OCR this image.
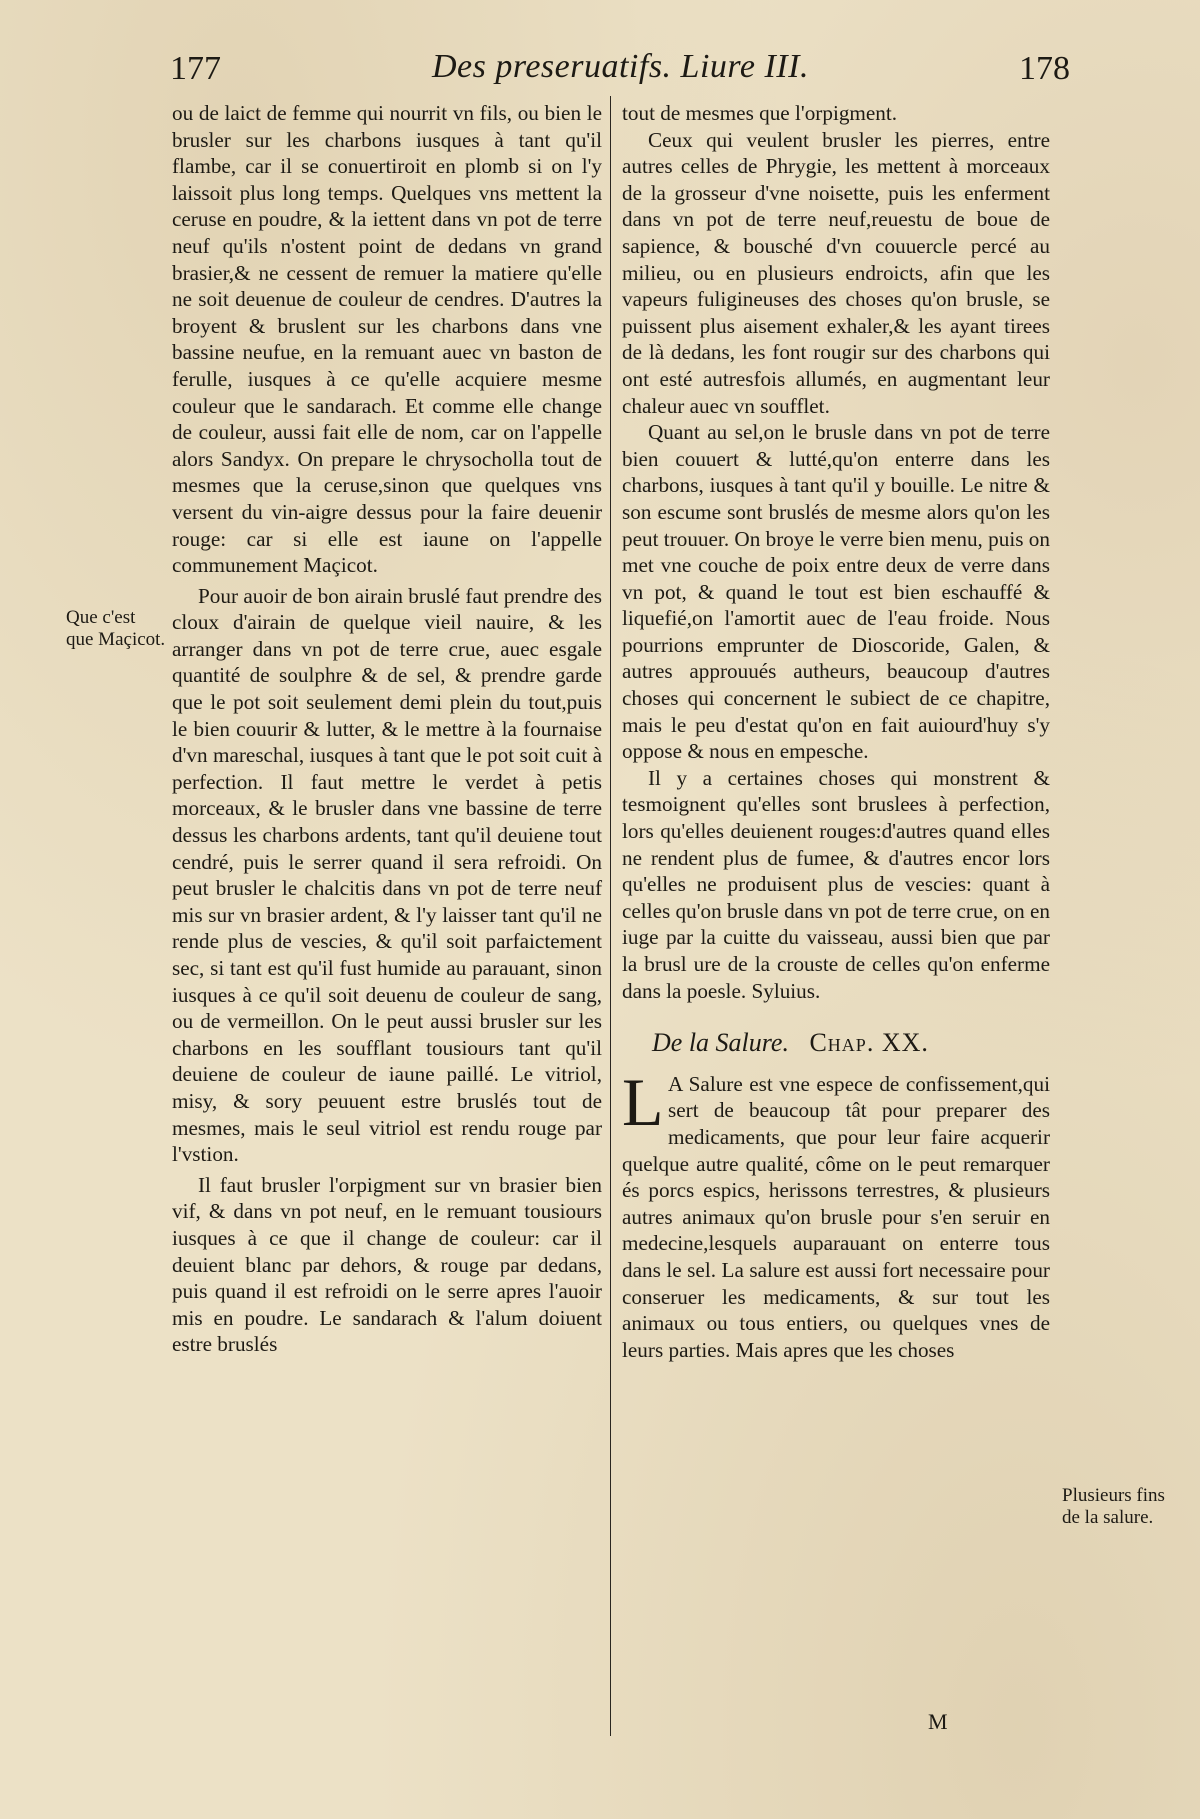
177	Des preseruatifs. Liure III.	178

ou de laict de femme qui nourrit vn fils, ou bien le brusler sur les charbons iusques à tant qu'il flambe, car il se conuertiroit en plomb si on l'y laissoit plus long temps. Quelques vns mettent la ceruse en poudre, & la iettent dans vn pot de terre neuf qu'ils n'ostent point de dedans vn grand brasier,& ne cessent de remuer la matiere qu'elle ne soit deuenue de couleur de cendres. D'autres la broyent & bruslent sur les charbons dans vne bassine neufue, en la remuant auec vn baston de ferulle, iusques à ce qu'elle acquiere mesme couleur que le sandarach. Et comme elle change de couleur, aussi fait elle de nom, car on l'appelle alors Sandyx. On prepare le chrysocholla tout de mesmes que la ceruse,sinon que quelques vns versent du vin-aigre dessus pour la faire deuenir rouge: car si elle est iaune on l'appelle communement Maçicot.

Pour auoir de bon airain bruslé faut prendre des cloux d'airain de quelque vieil nauire, & les arranger dans vn pot de terre crue, auec esgale quantité de soulphre & de sel, & prendre garde que le pot soit seulement demi plein du tout,puis le bien couurir & lutter, & le mettre à la fournaise d'vn mareschal, iusques à tant que le pot soit cuit à perfection. Il faut mettre le verdet à petis morceaux, & le brusler dans vne bassine de terre dessus les charbons ardents, tant qu'il deuiene tout cendré, puis le serrer quand il sera refroidi. On peut brusler le chalcitis dans vn pot de terre neuf mis sur vn brasier ardent, & l'y laisser tant qu'il ne rende plus de vescies, & qu'il soit parfaictement sec, si tant est qu'il fust humide au parauant, sinon iusques à ce qu'il soit deuenu de couleur de sang, ou de vermeillon. On le peut aussi brusler sur les charbons en les soufflant tousiours tant qu'il deuiene de couleur de iaune paillé. Le vitriol, misy, & sory peuuent estre bruslés tout de mesmes, mais le seul vitriol est rendu rouge par l'vstion.

Il faut brusler l'orpigment sur vn brasier bien vif, & dans vn pot neuf, en le remuant tousiours iusques à ce que il change de couleur: car il deuient blanc par dehors, & rouge par dedans, puis quand il est refroidi on le serre apres l'auoir mis en poudre. Le sandarach & l'alum doiuent estre bruslés

tout de mesmes que l'orpigment.

Ceux qui veulent brusler les pierres, entre autres celles de Phrygie, les mettent à morceaux de la grosseur d'vne noisette, puis les enferment dans vn pot de terre neuf,reuestu de boue de sapience, & bousché d'vn couuercle percé au milieu, ou en plusieurs endroicts, afin que les vapeurs fuligineuses des choses qu'on brusle, se puissent plus aisement exhaler,& les ayant tirees de là dedans, les font rougir sur des charbons qui ont esté autresfois allumés, en augmentant leur chaleur auec vn soufflet.

Quant au sel,on le brusle dans vn pot de terre bien couuert & lutté,qu'on enterre dans les charbons, iusques à tant qu'il y bouille. Le nitre & son escume sont bruslés de mesme alors qu'on les peut trouuer. On broye le verre bien menu, puis on met vne couche de poix entre deux de verre dans vn pot, & quand le tout est bien eschauffé & liquefié,on l'amortit auec de l'eau froide. Nous pourrions emprunter de Dioscoride, Galen, & autres approuués autheurs, beaucoup d'autres choses qui concernent le subiect de ce chapitre, mais le peu d'estat qu'on en fait auiourd'huy s'y oppose & nous en empesche.

Il y a certaines choses qui monstrent & tesmoignent qu'elles sont bruslees à perfection, lors qu'elles deuienent rouges:d'autres quand elles ne rendent plus de fumee, & d'autres encor lors qu'elles ne produisent plus de vescies: quant à celles qu'on brusle dans vn pot de terre crue, on en iuge par la cuitte du vaisseau, aussi bien que par la brusl ure de la crouste de celles qu'on enferme dans la poesle. Syluius.

De la Salure. Chap. XX.

L A Salure est vne espece de confissement,qui sert de beaucoup tât pour preparer des medicaments, que pour leur faire acquerir quelque autre qualité, côme on le peut remarquer és porcs espics, herissons terrestres, & plusieurs autres animaux qu'on brusle pour s'en seruir en medecine,lesquels auparauant on enterre tous dans le sel. La salure est aussi fort necessaire pour conseruer les medicaments, & sur tout les animaux ou tous entiers, ou quelques vnes de leurs parties. Mais apres que les choses

Que c'est que Maçicot.
Plusieurs fins de la salure.
M
